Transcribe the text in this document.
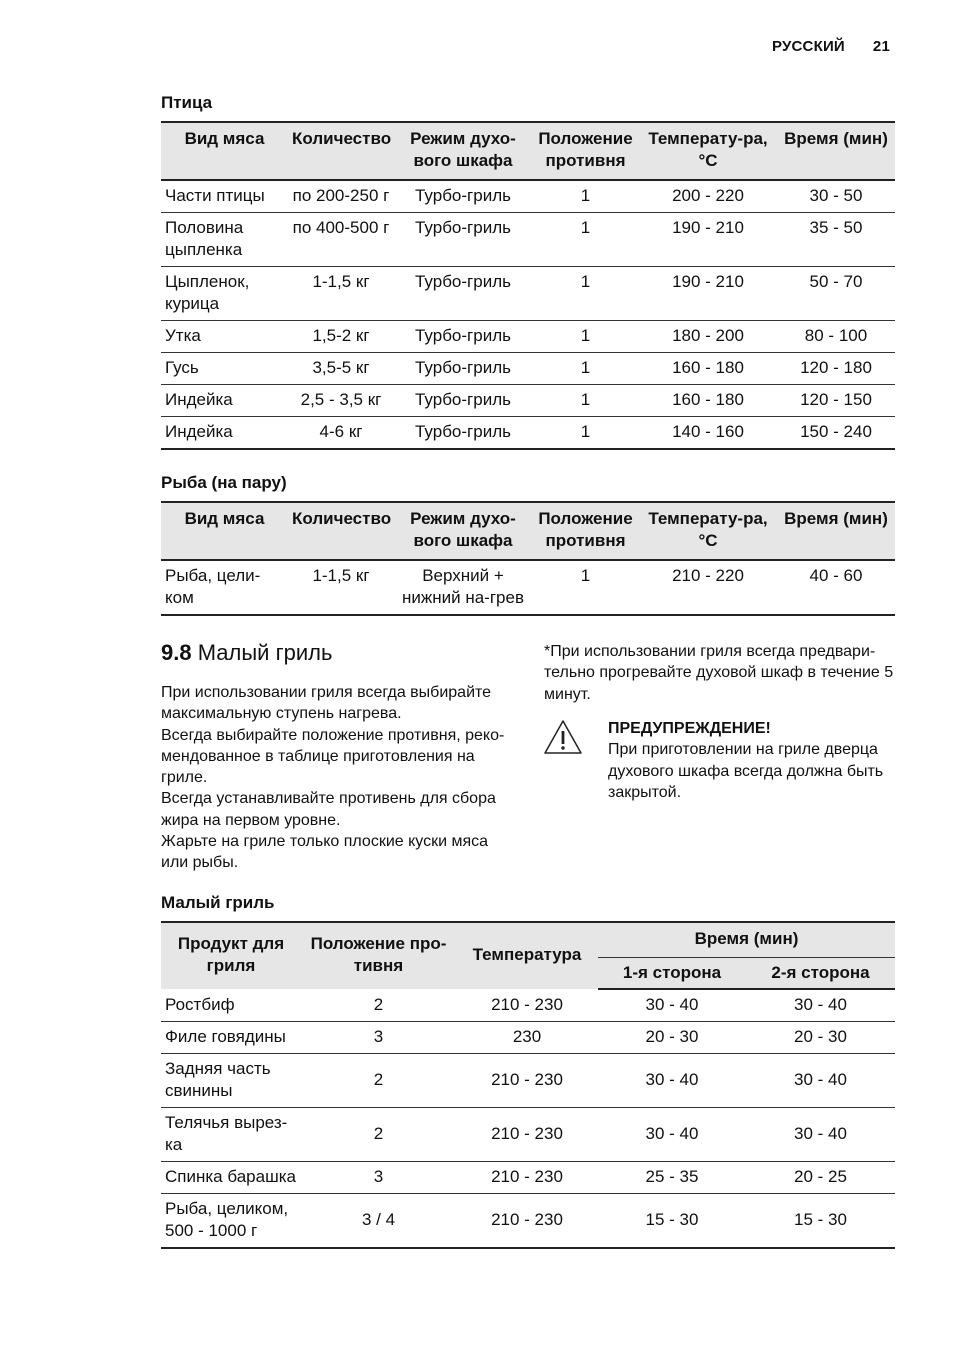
РУССКИЙ 21
Птица
Вид мяса	Количество	Режим духо-вого шкафа	Положение противня	Температу-ра, °C	Время (мин)
Части птицы	по 200-250 г	Турбо-гриль	1	200 - 220	30 - 50
Половина цыпленка	по 400-500 г	Турбо-гриль	1	190 - 210	35 - 50
Цыпленок, курица	1-1,5 кг	Турбо-гриль	1	190 - 210	50 - 70
Утка	1,5-2 кг	Турбо-гриль	1	180 - 200	80 - 100
Гусь	3,5-5 кг	Турбо-гриль	1	160 - 180	120 - 180
Индейка	2,5 - 3,5 кг	Турбо-гриль	1	160 - 180	120 - 150
Индейка	4-6 кг	Турбо-гриль	1	140 - 160	150 - 240
Рыба (на пару)
Вид мяса	Количество	Режим духо-вого шкафа	Положение противня	Температу-ра, °C	Время (мин)
Рыба, цели-ком	1-1,5 кг	Верхний + нижний на-грев	1	210 - 220	40 - 60
9.8 Малый гриль

При использовании гриля всегда выбирайте максимальную ступень нагрева.

Всегда выбирайте положение противня, реко-мендованное в таблице приготовления на гриле.

Всегда устанавливайте противень для сбора жира на первом уровне.

Жарьте на гриле только плоские куски мяса или рыбы.

*При использовании гриля всегда предвари-тельно прогревайте духовой шкаф в течение 5 минут.
ПРЕДУПРЕЖДЕНИЕ!
При приготовлении на гриле дверца духового шкафа всегда должна быть закрытой.
Малый гриль
Продукт для гриля	Положение про-тивня	Температура	Время (мин)	
			1-я сторона	2-я сторона
Ростбиф	2	210 - 230	30 - 40	30 - 40
Филе говядины	3	230	20 - 30	20 - 30
Задняя часть свинины	2	210 - 230	30 - 40	30 - 40
Телячья вырез-ка	2	210 - 230	30 - 40	30 - 40
Спинка барашка	3	210 - 230	25 - 35	20 - 25
Рыба, целиком, 500 - 1000 г	3 / 4	210 - 230	15 - 30	15 - 30
